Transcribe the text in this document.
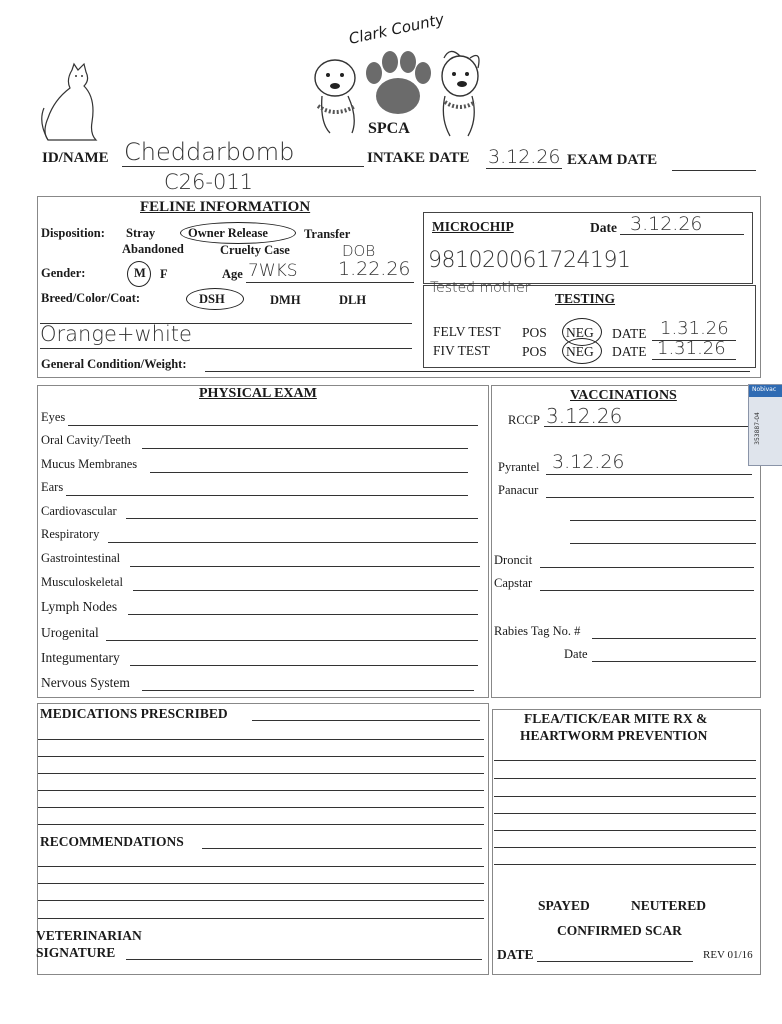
Clark County
SPCA
ID/NAME Cheddarbomb
C26-011
INTAKE DATE 3.12.26 EXAM DATE
FELINE INFORMATION
Disposition: Stray	Owner Release	Transfer
Abandoned	Cruelty Case	DOB
Gender:	M F	Age 7WKS 1.22.26
Breed/Color/Coat:	DSH	DMH	DLH
Orange+white
General Condition/Weight:
MICROCHIP	Date 3.12.26
981020061724191
Tested mother
TESTING
FELV TEST POS NEG DATE 1.31.26
FIV TEST POS NEG DATE 1.31.26
PHYSICAL EXAM
Eyes
Oral Cavity/Teeth
Mucus Membranes
Ears
Cardiovascular
Respiratory
Gastrointestinal
Musculoskeletal
Lymph Nodes
Urogenital
Integumentary
Nervous System
VACCINATIONS
RCCP 3.12.26
Pyrantel 3.12.26
Panacur
Droncit
Capstar
Rabies Tag No. #
Date
Nobivac
353887-04
MEDICATIONS PRESCRIBED
RECOMMENDATIONS
VETERINARIAN
SIGNATURE
FLEA/TICK/EAR MITE RX &
HEARTWORM PREVENTION
SPAYED	NEUTERED
CONFIRMED SCAR
DATE	REV 01/16
